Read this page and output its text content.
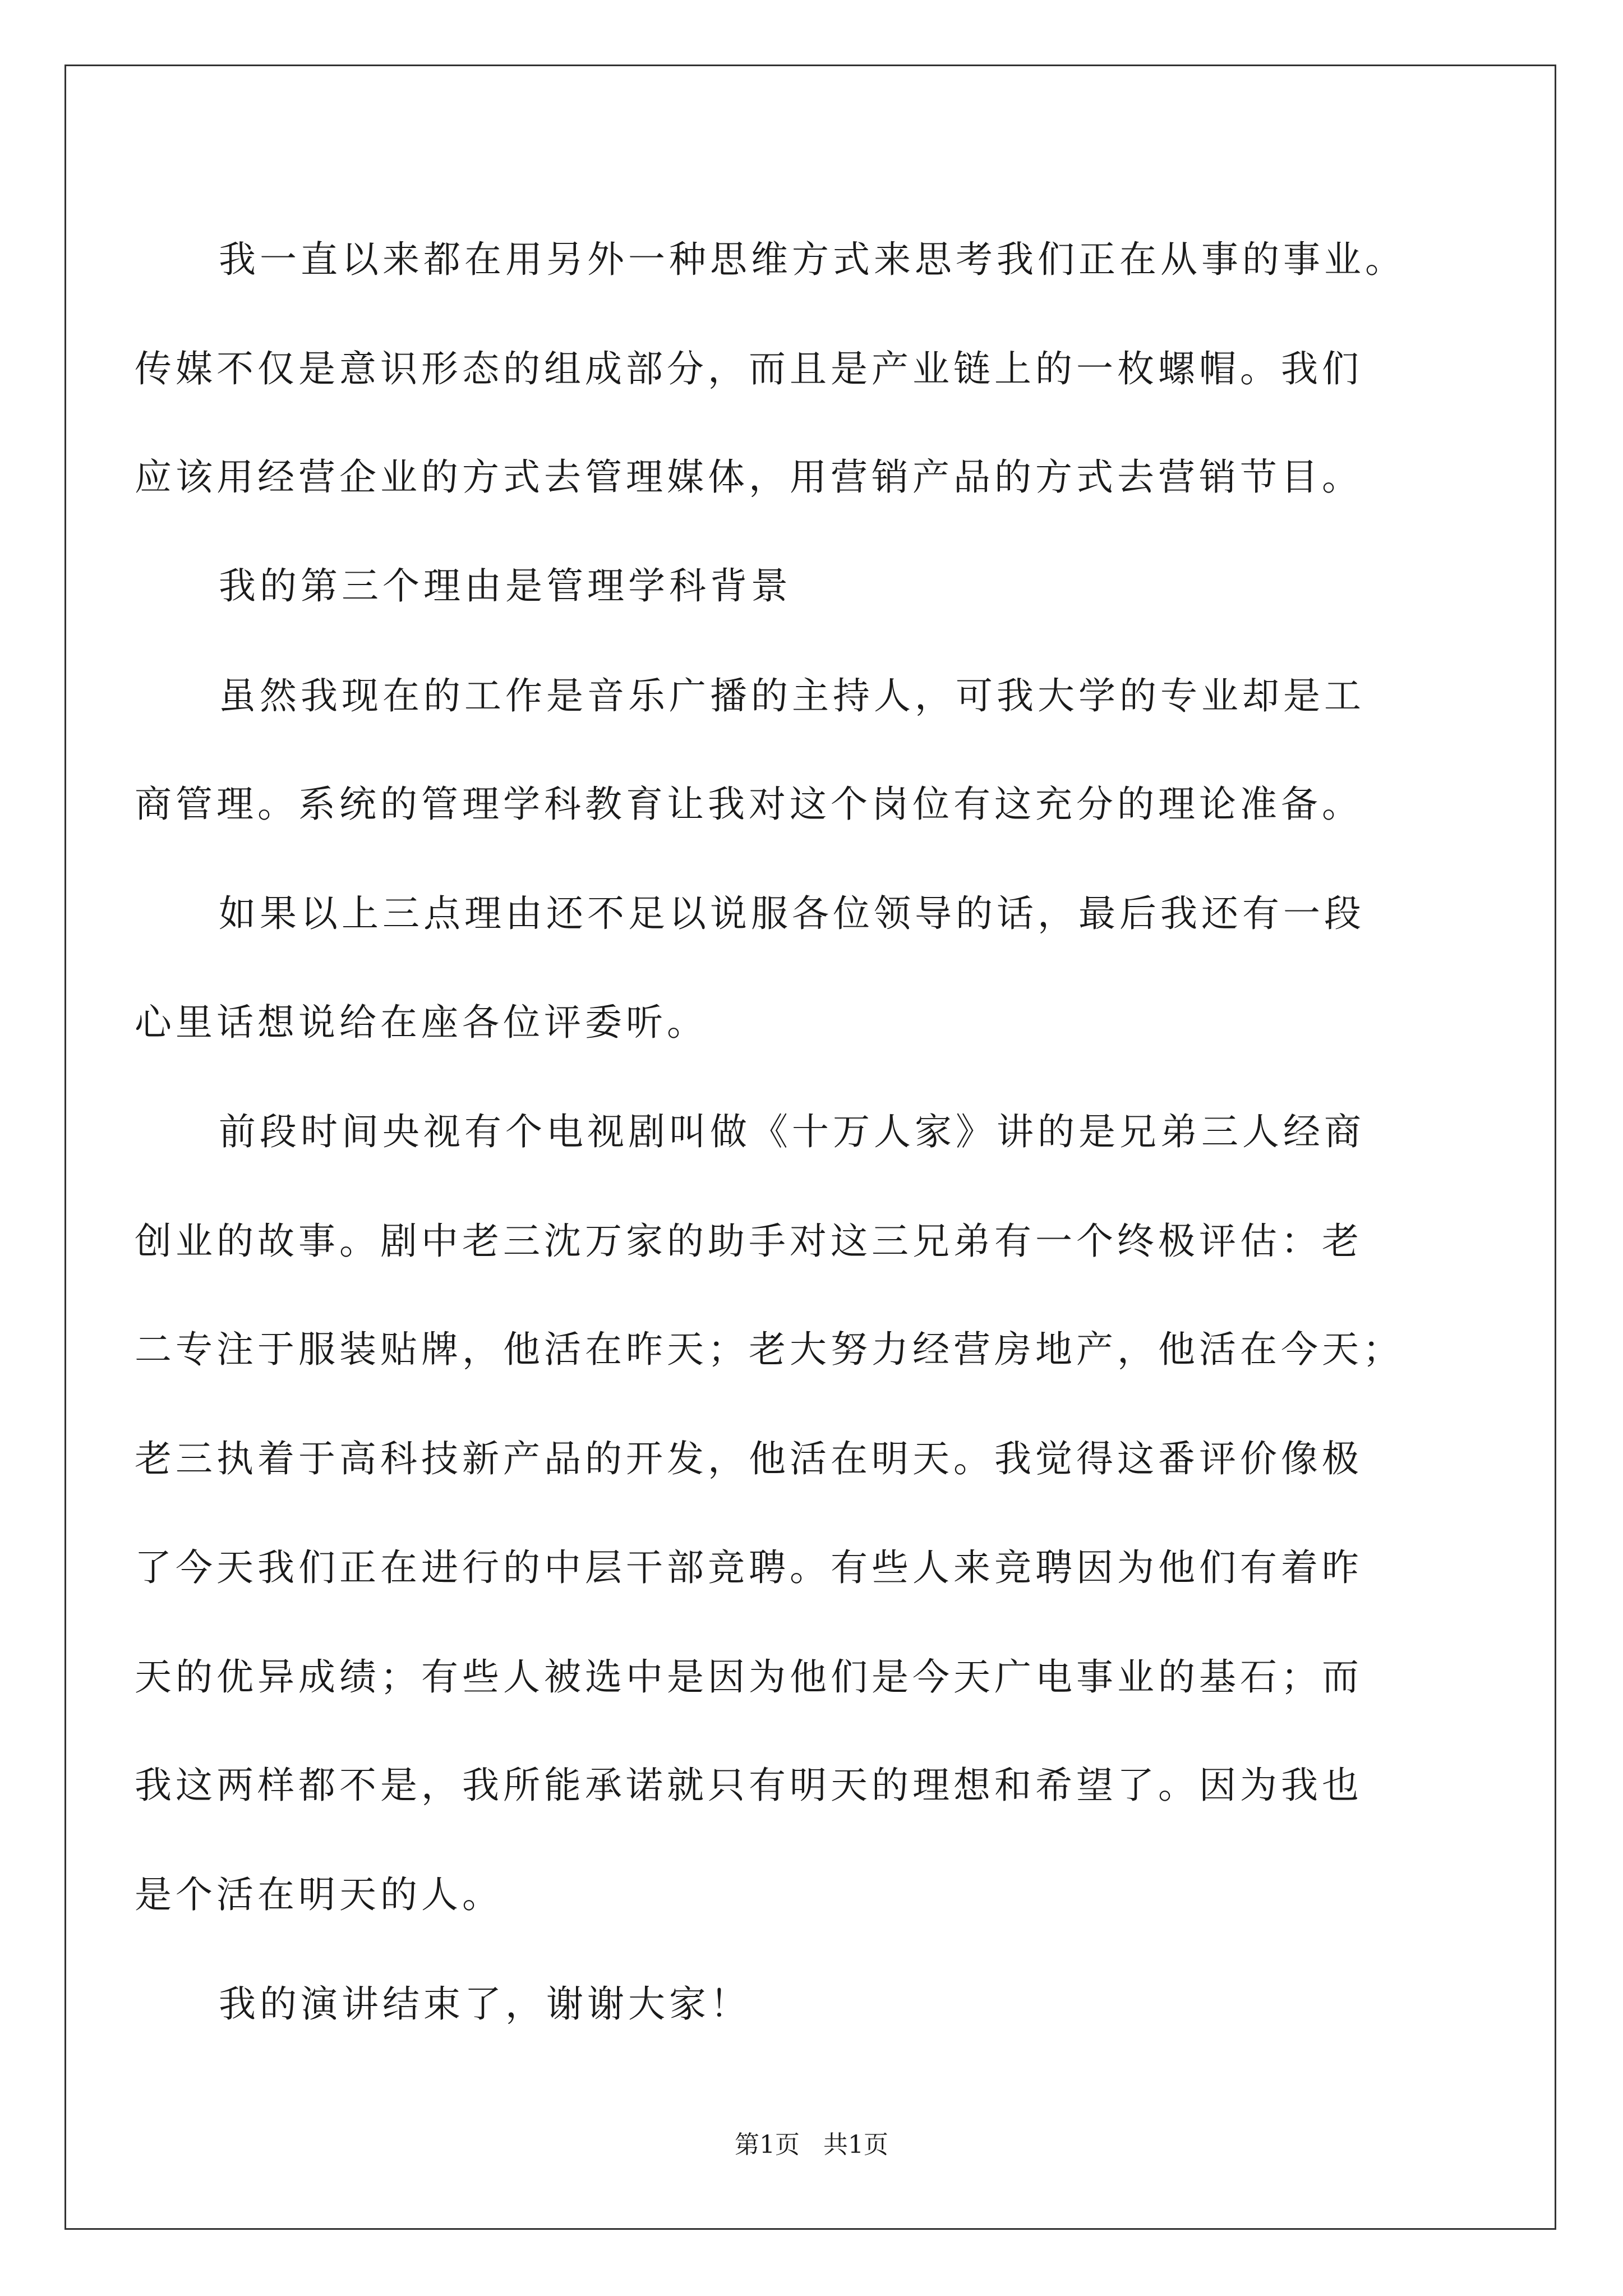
我一直以来都在用另外一种思维方式来思考我们正在从事的事业。
传媒不仅是意识形态的组成部分，而且是产业链上的一枚螺帽。我们
应该用经营企业的方式去管理媒体，用营销产品的方式去营销节目。
我的第三个理由是管理学科背景
虽然我现在的工作是音乐广播的主持人，可我大学的专业却是工
商管理。系统的管理学科教育让我对这个岗位有这充分的理论准备。
如果以上三点理由还不足以说服各位领导的话，最后我还有一段
心里话想说给在座各位评委听。
前段时间央视有个电视剧叫做《十万人家》讲的是兄弟三人经商
创业的故事。剧中老三沈万家的助手对这三兄弟有一个终极评估：老
二专注于服装贴牌，他活在昨天；老大努力经营房地产，他活在今天；
老三执着于高科技新产品的开发，他活在明天。我觉得这番评价像极
了今天我们正在进行的中层干部竞聘。有些人来竞聘因为他们有着昨
天的优异成绩；有些人被选中是因为他们是今天广电事业的基石；而
我这两样都不是，我所能承诺就只有明天的理想和希望了。因为我也
是个活在明天的人。
我的演讲结束了，谢谢大家！
第1页   共1页
